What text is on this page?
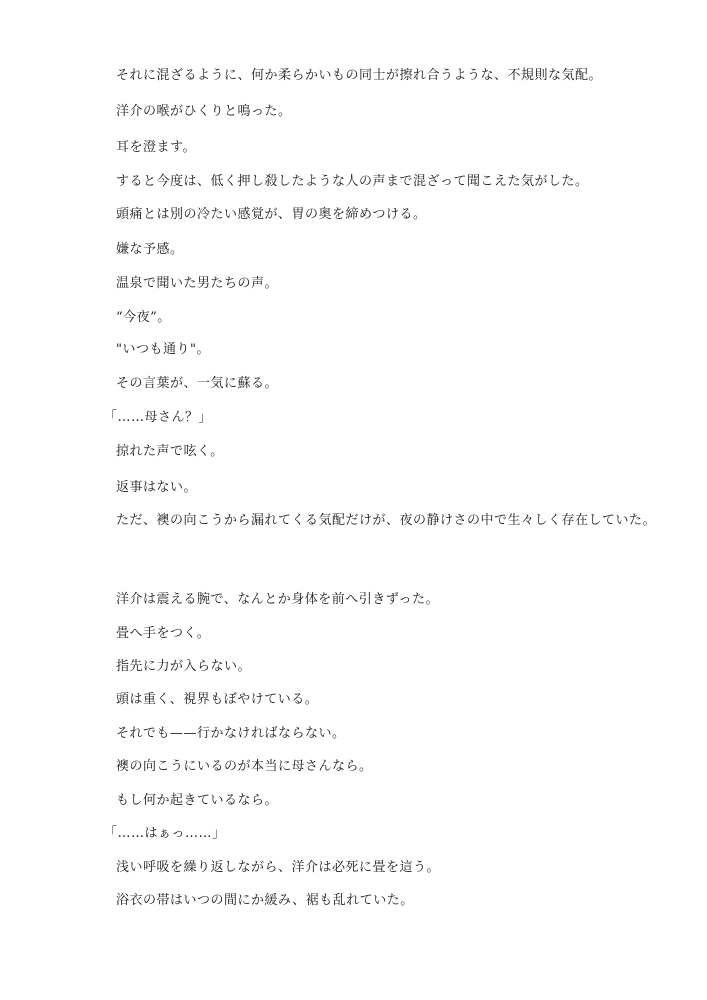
それに混ざるように、何か柔らかいもの同士が擦れ合うような、不規則な気配。
洋介の喉がひくりと鳴った。
耳を澄ます。
すると今度は、低く押し殺したような人の声まで混ざって聞こえた気がした。
頭痛とは別の冷たい感覚が、胃の奥を締めつける。
嫌な予感。
温泉で聞いた男たちの声。
“今夜”。
"いつも通り"。
その言葉が、一気に蘇る。
「……母さん？」
掠れた声で呟く。
返事はない。
ただ、襖の向こうから漏れてくる気配だけが、夜の静けさの中で生々しく存在していた。
洋介は震える腕で、なんとか身体を前へ引きずった。
畳へ手をつく。
指先に力が入らない。
頭は重く、視界もぼやけている。
それでも——行かなければならない。
襖の向こうにいるのが本当に母さんなら。
もし何か起きているなら。
「……はぁっ……」
浅い呼吸を繰り返しながら、洋介は必死に畳を這う。
浴衣の帯はいつの間にか緩み、裾も乱れていた。
